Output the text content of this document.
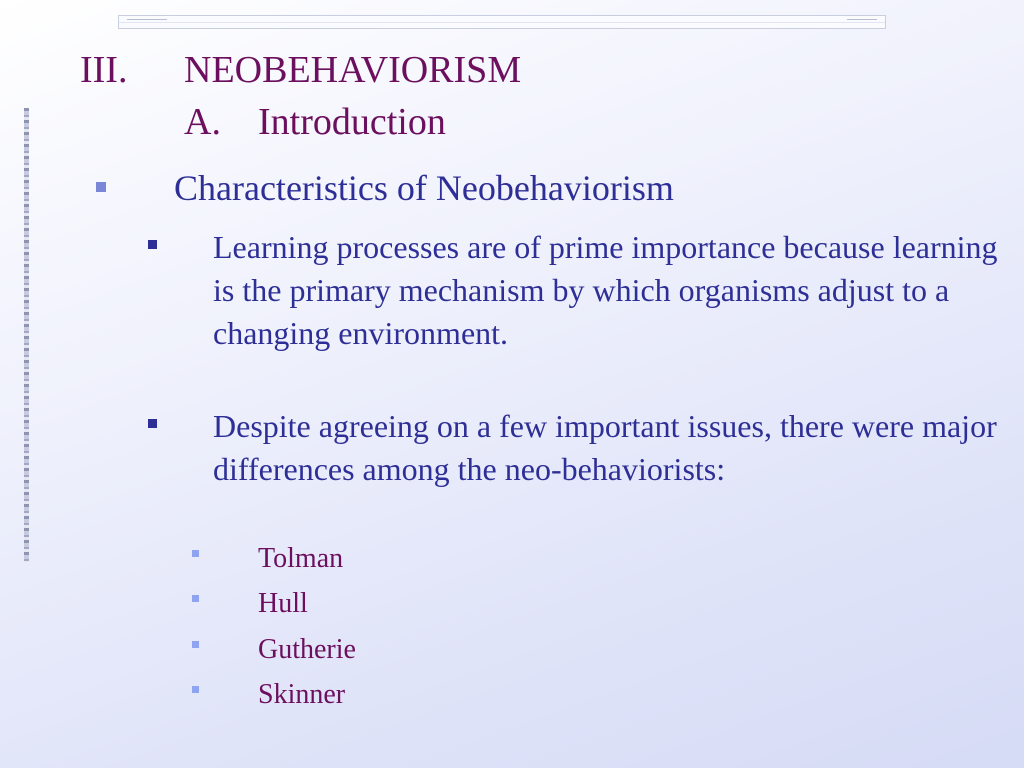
III. NEOBEHAVIORISM
A. Introduction
Characteristics of Neobehaviorism
Learning processes are of prime importance because learning is the primary mechanism by which organisms adjust to a changing environment.
Despite agreeing on a few important issues, there were major differences among the neo-behaviorists:
Tolman
Hull
Gutherie
Skinner
